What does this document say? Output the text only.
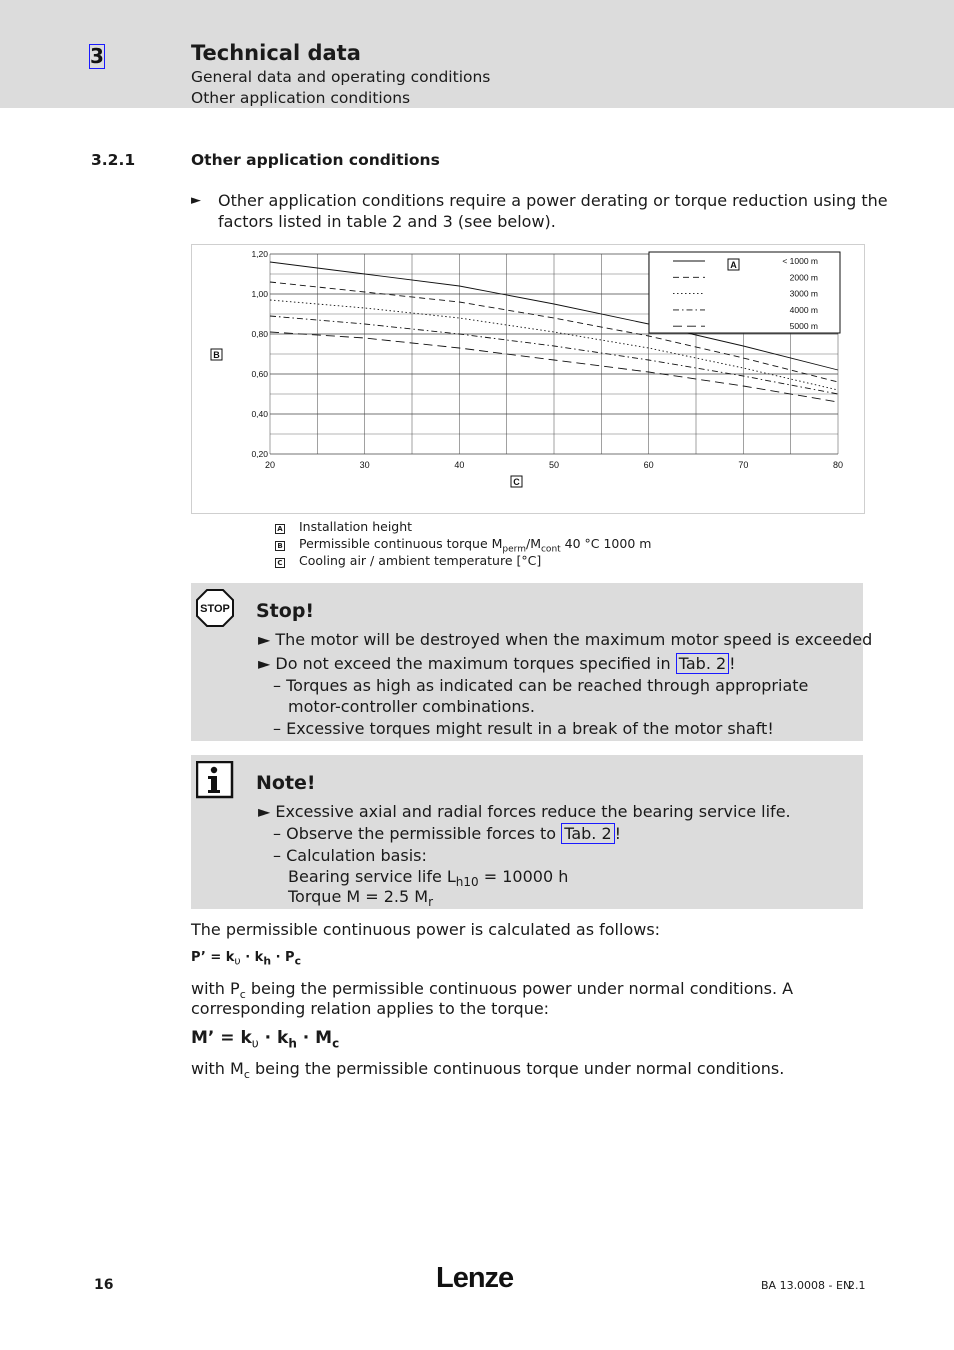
3	Technical data
General data and operating conditions
Other application conditions
3.2.1	Other application conditions
► Other application conditions require a power derating or torque reduction using the
factors listed in table 2 and 3 (see below).
20	30	40	50	60	70	80
0,20
0,40
0,60
0,80
1,00
1,20
B
C
A	< 1000 m
2000 m
3000 m
4000 m
5000 m
A Installation height
B Permissible continuous torque $M_{perm}/M_{cont}$ 40 °C 1000 m
C Cooling air / ambient temperature [°C]
STOP Stop!
► The motor will be destroyed when the maximum motor speed is exceeded
► Do not exceed the maximum torques specified in Tab. 2 !
– Torques as high as indicated can be reached through appropriate
motor-controller combinations.
– Excessive torques might result in a break of the motor shaft!
Note!
► Excessive axial and radial forces reduce the bearing service life.
– Observe the permissible forces to Tab. 2 !
– Calculation basis:
Bearing service life $L_{h10} = 10000$ h
Torque M = 2.5 $M_r$
The permissible continuous power is calculated as follows:
P’ = $k_\upsilon \cdot k_h \cdot P_c$
with $P_c$ being the permissible continuous power under normal conditions. A
corresponding relation applies to the torque:
M’ = $k_\upsilon \cdot k_h \cdot M_c$
with $M_c$ being the permissible continuous torque under normal conditions.
16	Lenze	BA 13.0008 - EN
2.1
